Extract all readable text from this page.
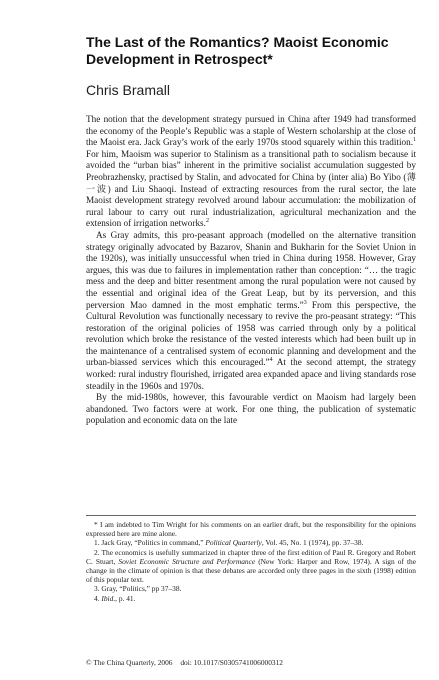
The Last of the Romantics? Maoist Economic Development in Retrospect*
Chris Bramall

The notion that the development strategy pursued in China after 1949 had transformed the economy of the People’s Republic was a staple of Western scholarship at the close of the Maoist era. Jack Gray’s work of the early 1970s stood squarely within this tradition.$^1$ For him, Maoism was superior to Stalinism as a transitional path to socialism because it avoided the “urban bias” inherent in the primitive socialist accumulation suggested by Preobrazhensky, practised by Stalin, and advocated for China by (inter alia) Bo Yibo (薄一波) and Liu Shaoqi. Instead of extracting resources from the rural sector, the late Maoist development strategy revolved around labour accumulation: the mobilization of rural labour to carry out rural industrialization, agricultural mechanization and the extension of irrigation networks.$^2$

As Gray admits, this pro-peasant approach (modelled on the alternative transition strategy originally advocated by Bazarov, Shanin and Bukharin for the Soviet Union in the 1920s), was initially unsuccessful when tried in China during 1958. However, Gray argues, this was due to failures in implementation rather than conception: “… the tragic mess and the deep and bitter resentment among the rural population were not caused by the essential and original idea of the Great Leap, but by its perversion, and this perversion Mao damned in the most emphatic terms.”$^3$ From this perspective, the Cultural Revolution was functionally necessary to revive the pro-peasant strategy: “This restoration of the original policies of 1958 was carried through only by a political revolution which broke the resistance of the vested interests which had been built up in the maintenance of a centralised system of economic planning and development and the urban-biassed services which this encouraged.”$^4$ At the second attempt, the strategy worked: rural industry flourished, irrigated area expanded apace and living standards rose steadily in the 1960s and 1970s.

By the mid-1980s, however, this favourable verdict on Maoism had largely been abandoned. Two factors were at work. For one thing, the publication of systematic population and economic data on the late

* I am indebted to Tim Wright for his comments on an earlier draft, but the responsibility for the opinions expressed here are mine alone.

1. Jack Gray, “Politics in command,” Political Quarterly, Vol. 45, No. 1 (1974), pp. 37–38.

2. The economics is usefully summarized in chapter three of the first edition of Paul R. Gregory and Robert C. Stuart, Soviet Economic Structure and Performance (New York: Harper and Row, 1974). A sign of the change in the climate of opinion is that these debates are accorded only three pages in the sixth (1998) edition of this popular text.

3. Gray, “Politics,” pp 37–38.

4. Ibid., p. 41.

© The China Quarterly, 2006 doi: 10.1017/S0305741006000312
